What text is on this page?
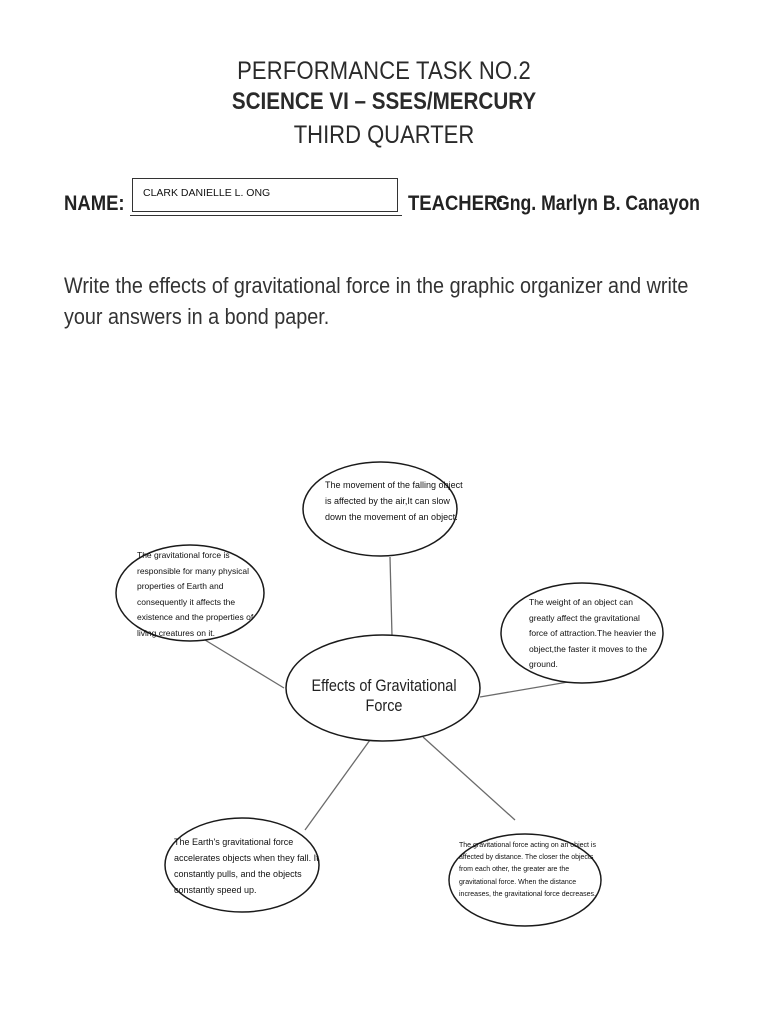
PERFORMANCE TASK NO.2
SCIENCE VI – SSES/MERCURY
THIRD QUARTER
NAME: CLARK DANIELLE L. ONG	TEACHER:
Gng. Marlyn B. Canayon
Write the effects of gravitational force in the graphic organizer and write your answers in a bond paper.
Effects of Gravitational Force
The movement of the falling object is affected by the air,It can slow down the movement of an object.
The gravitational force is responsible for many physical properties of Earth and consequently it affects the existence and the properties of living creatures on it.
The weight of an object can greatly affect the gravitational force of attraction.The heavier the object,the faster it moves to the ground.
The Earth's gravitational force accelerates objects when they fall. It constantly pulls, and the objects constantly speed up.
The gravitational force acting on an object is affected by distance. The closer the objects from each other, the greater are the gravitational force. When the distance increases, the gravitational force decreases.
